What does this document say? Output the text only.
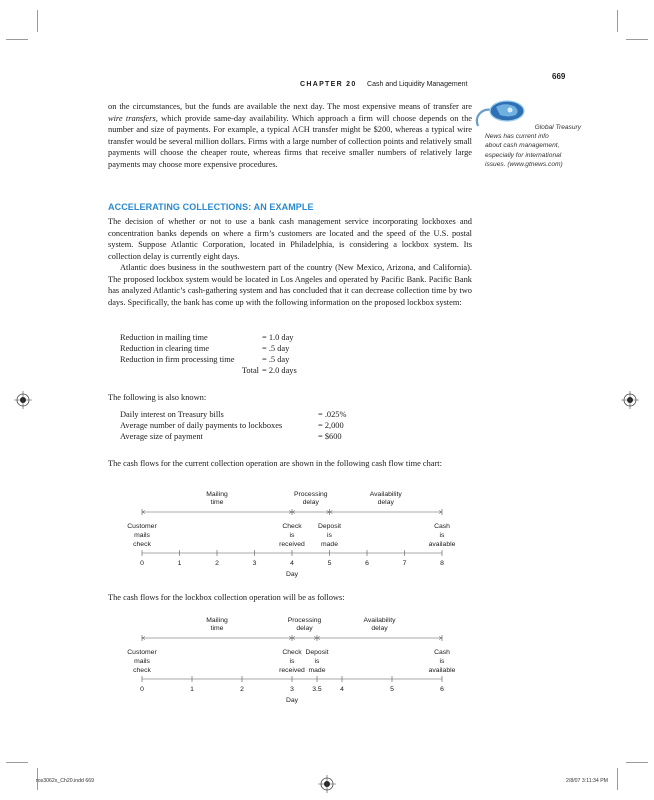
CHAPTER 20 Cash and Liquidity Management
669
on the circumstances, but the funds are available the next day. The most expensive means of transfer are wire transfers, which provide same-day availability. Which approach a firm will choose depends on the number and size of payments. For example, a typical ACH transfer might be $200, whereas a typical wire transfer would be several million dollars. Firms with a large number of collection points and relatively small payments will choose the cheaper route, whereas firms that receive smaller numbers of relatively large payments may choose more expensive procedures.
Global Treasury
News has current info
about cash management,
especially for international
issues. (www.gtnews.com)
ACCELERATING COLLECTIONS: AN EXAMPLE
The decision of whether or not to use a bank cash management service incorporating lockboxes and concentration banks depends on where a firm’s customers are located and the speed of the U.S. postal system. Suppose Atlantic Corporation, located in Philadelphia, is considering a lockbox system. Its collection delay is currently eight days.
Atlantic does business in the southwestern part of the country (New Mexico, Arizona, and California). The proposed lockbox system would be located in Los Angeles and operated by Pacific Bank. Pacific Bank has analyzed Atlantic’s cash-gathering system and has concluded that it can decrease collection time by two days. Specifically, the bank has come up with the following information on the proposed lockbox system:
Reduction in mailing time	= 1.0 day
Reduction in clearing time	= .5 day
Reduction in firm processing time	= .5 day
Total	= 2.0 days
The following is also known:
Daily interest on Treasury bills	= .025%
Average number of daily payments to lockboxes	= 2,000
Average size of payment	= $600
The cash flows for the current collection operation are shown in the following cash flow time chart:
Mailing
time
Processing
delay
Availability
delay
Customer
mails
check
Check
is
received
Deposit
is
made
Cash
is
available
0	1	2	3	4	5	6	7	8
Day
The cash flows for the lockbox collection operation will be as follows:
Mailing
time
Processing
delay
Availability
delay
Customer
mails
check
Check
is
received
Deposit
is
made
Cash
is
available
0	1	2	3	3.5	4	5	6
Day
ros3062x_Ch20.indd 669	2/8/07 3:11:34 PM
